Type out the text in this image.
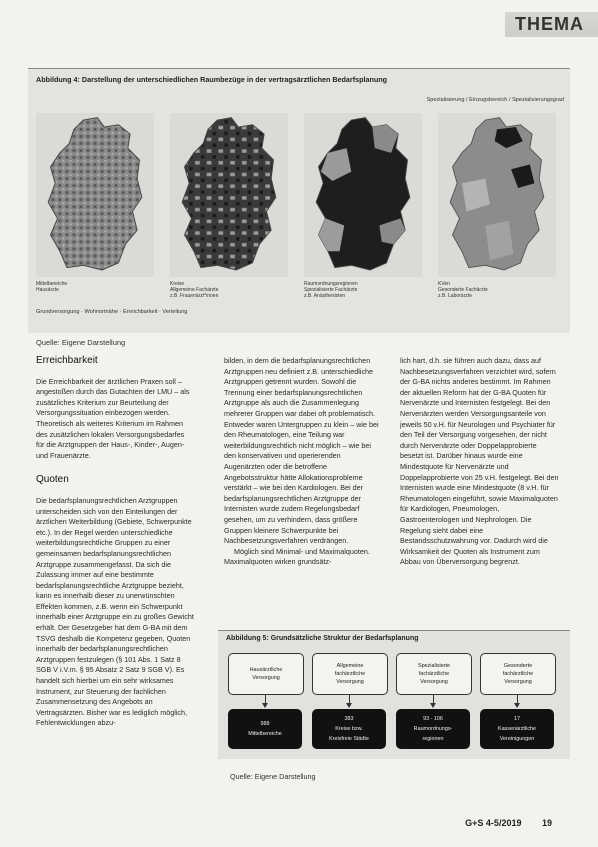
THEMA
Abbildung 4: Darstellung der unterschiedlichen Raumbezüge in der vertragsärztlichen Bedarfsplanung
Spezialisierung / Einzugsbereich / Spezialisierungsgrad
Mittelbereiche
Hausärzte
Kreise
Allgemeine Fachärzte
z.B. Frauenärzt*innen
Raumordnungsregionen
Spezialisierte Fachärzte
z.B. Anästhesisten
KVen
Gesonderte Fachärzte
z.B. Laborärzte
Grundversorgung · Wohnortnähe · Erreichbarkeit · Verteilung
Quelle: Eigene Darstellung
Erreichbarkeit

Die Erreichbarkeit der ärztlichen Praxen soll – angestoßen durch das Gutachten der LMU – als zusätzliches Kriterium zur Beurteilung der Versorgungssituation einbezogen werden. Theoretisch als weiteres Kriterium im Rahmen des zusätzlichen lokalen Versorgungsbedarfes für die Arztgruppen der Haus-, Kinder-, Augen- und Frauenärzte.

Quoten

Die bedarfsplanungsrechtlichen Arztgruppen unterscheiden sich von den Einteilungen der ärztlichen Weiterbildung (Gebiete, Schwerpunkte etc.). In der Regel werden unterschiedliche weiterbildungsrechtliche Gruppen zu einer gemeinsamen bedarfsplanungsrechtlichen Arztgruppe zusammengefasst. Da sich die Zulassung immer auf eine bestimmte bedarfsplanungsrechtliche Arztgruppe bezieht, kann es innerhalb dieser zu unerwünschten Effekten kommen, z.B. wenn ein Schwerpunkt innerhalb einer Arztgruppe ein zu großes Gewicht erhält. Der Gesetzgeber hat dem G-BA mit dem TSVG deshalb die Kompetenz gegeben, Quoten innerhalb der bedarfsplanungsrechtlichen Arztgruppen festzulegen (§ 101 Abs. 1 Satz 8 SGB V i.V.m. § 95 Absatz 2 Satz 9 SGB V). Es handelt sich hierbei um ein sehr wirksames Instrument, zur Steuerung der fachlichen Zusammensetzung des Angebots an Vertragsärzten. Bisher war es lediglich möglich, Fehlentwicklungen abzu-

bilden, in dem die bedarfsplanungsrechtlichen Arztgruppen neu definiert z.B. unterschiedliche Arztgruppen getrennt wurden. Sowohl die Trennung einer bedarfsplanungsrechtlichen Arztgruppe als auch die Zusammenlegung mehrerer Gruppen war dabei oft problematisch. Entweder waren Untergruppen zu klein – wie bei den Rheumatologen, eine Teilung war weiterbildungsrechtlich nicht möglich – wie bei den konservativen und operierenden Augenärzten oder die betroffene Angebotsstruktur hätte Allokationsprobleme verstärkt – wie bei den Kardiologen. Bei der bedarfsplanungsrechtlichen Arztgruppe der Internisten wurde zudem Regelungsbedarf gesehen, um zu verhindern, dass größere Gruppen kleinere Schwerpunkte bei Nachbesetzungsverfahren verdrängen.

Möglich sind Minimal- und Maximalquoten. Maximalquoten wirken grundsätz-

lich hart, d.h. sie führen auch dazu, dass auf Nachbesetzungsverfahren verzichtet wird, sofern der G-BA nichts anderes bestimmt. Im Rahmen der aktuellen Reform hat der G-BA Quoten für Nervenärzte und Internisten festgelegt. Bei den Nervenärzten werden Versorgungsanteile von jeweils 50 v.H. für Neurologen und Psychiater für den Teil der Versorgung vorgesehen, der nicht durch Nervenärzte oder Doppelapprobierte besetzt ist. Darüber hinaus wurde eine Mindestquote für Nervenärzte und Doppelapprobierte von 25 v.H. festgelegt. Bei den Internisten wurde eine Mindestquote (8 v.H. für Rheumatologen eingeführt, sowie Maximalquoten für Kardiologen, Pneumologen, Gastroenterologen und Nephrologen. Die Regelung sieht dabei eine Bestandsschutzwahrung vor. Dadurch wird die Wirksamkeit der Quoten als Instrument zum Abbau von Überversorgung begrenzt.

Abbildung 5: Grundsätzliche Struktur der Bedarfsplanung
Hausärztliche
Versorgung
Allgemeine
fachärztliche
Versorgung
Spezialisierte
fachärztliche
Versorgung
Gesonderte
fachärztliche
Versorgung
988
Mittelbereiche
383
Kreise bzw.
Kreisfreie Städte
93 - 106
Raumordnungs-
regionen
17
Kassenärztliche
Vereinigungen
Quelle: Eigene Darstellung
G+S 4-5/2019 19
